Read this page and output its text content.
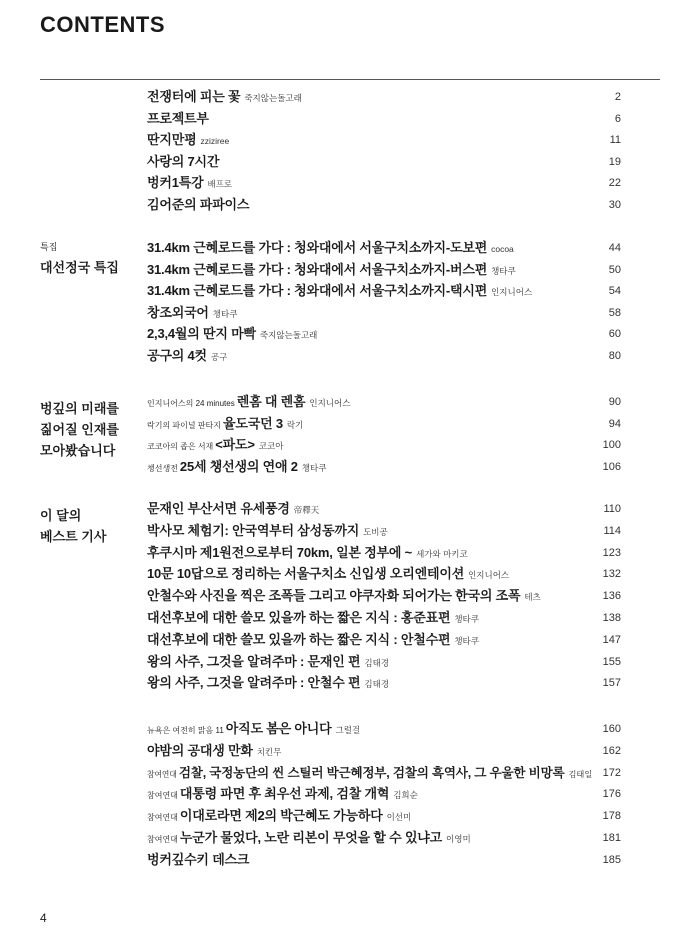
CONTENTS
전쟁터에 피는 꽃 죽지않는돌고래	2
프로젝트부	6
딴지만평 zziziree	11
사랑의 7시간	19
벙커1특강 배프로	22
김어준의 파파이스	30
특집
대선정국 특집
31.4km 근혜로드를 가다 : 청와대에서 서울구치소까지-도보편 cocoa	44
31.4km 근혜로드를 가다 : 청와대에서 서울구치소까지-버스편 챙타쿠	50
31.4km 근혜로드를 가다 : 청와대에서 서울구치소까지-택시편 인지니어스	54
창조외국어 챙타쿠	58
2,3,4월의 딴지 마빡 죽지않는돌고래	60
공구의 4컷 공구	80
벙깊의 미래를
짊어질 인재를
모아봤습니다
인지니어스의 24 minutes 렌홈 대 렌홈 인지니어스	90
락기의 파이널 판타지 율도국던 3 락기	94
코코아의 좁은 서재 <파도> 코코아	100
챙선생전 25세 챙선생의 연애 2 챙타쿠	106
이 달의
베스트 기사
문재인 부산서면 유세풍경 帝釋天	110
박사모 체험기: 안국역부터 삼성동까지 도비공	114
후쿠시마 제1원전으로부터 70km, 일본 정부에 ~ 세가와 마키코	123
10문 10답으로 정리하는 서울구치소 신입생 오리엔테이션 인지니어스	132
안철수와 사진을 찍은 조폭들 그리고 야쿠자화 되어가는 한국의 조폭 테츠	136
대선후보에 대한 쓸모 있을까 하는 짧은 지식 : 홍준표편 챙타쿠	138
대선후보에 대한 쓸모 있을까 하는 짧은 지식 : 안철수편 챙타쿠	147
왕의 사주, 그것을 알려주마 : 문재인 편 김태경	155
왕의 사주, 그것을 알려주마 : 안철수 편 김태경	157
뉴욕은 여전히 맑음 11 아직도 봄은 아니다 그럴걸	160
야밤의 공대생 만화 치킨무	162
참여연대 검찰, 국정농단의 씬 스틸러 박근혜정부, 검찰의 흑역사, 그 우울한 비망록 김태일 172
참여연대 대통령 파면 후 최우선 과제, 검찰 개혁 김희순	176
참여연대 이대로라면 제2의 박근혜도 가능하다 이선미	178
참여연대 누군가 물었다, 노란 리본이 무엇을 할 수 있냐고 이영미	181
벙커깊수키 데스크	185
4
